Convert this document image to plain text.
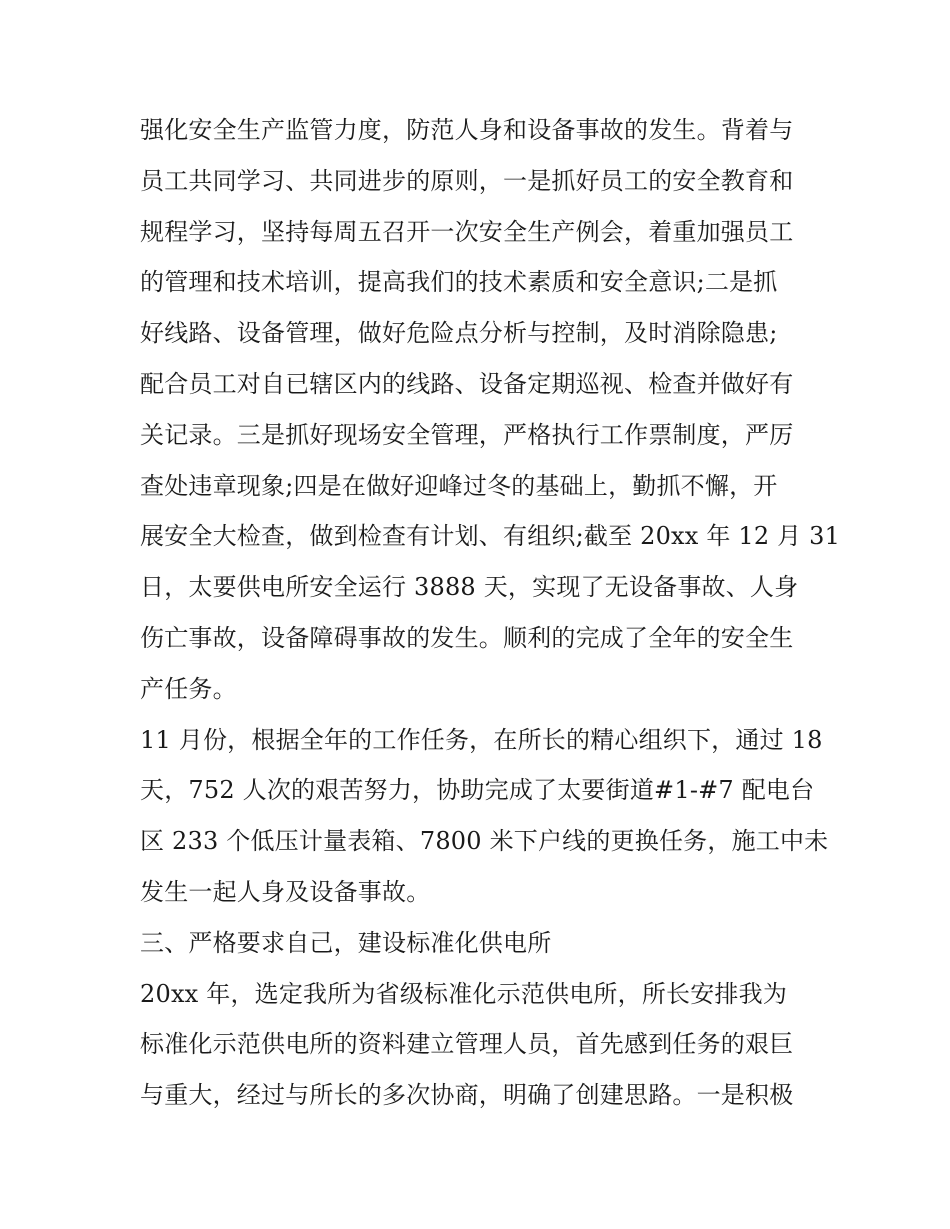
强化安全生产监管力度，防范人身和设备事故的发生。背着与
员工共同学习、共同进步的原则，一是抓好员工的安全教育和
规程学习，坚持每周五召开一次安全生产例会，着重加强员工
的管理和技术培训，提高我们的技术素质和安全意识;二是抓
好线路、设备管理，做好危险点分析与控制，及时消除隐患;
配合员工对自已辖区内的线路、设备定期巡视、检查并做好有
关记录。三是抓好现场安全管理，严格执行工作票制度，严厉
查处违章现象;四是在做好迎峰过冬的基础上，勤抓不懈，开
展安全大检查，做到检查有计划、有组织;截至 20xx 年 12 月 31
日，太要供电所安全运行 3888 天，实现了无设备事故、人身
伤亡事故，设备障碍事故的发生。顺利的完成了全年的安全生
产任务。
11 月份，根据全年的工作任务，在所长的精心组织下，通过 18
天，752 人次的艰苦努力，协助完成了太要街道#1-#7 配电台
区 233 个低压计量表箱、7800 米下户线的更换任务，施工中未
发生一起人身及设备事故。
三、严格要求自己，建设标准化供电所
20xx 年，选定我所为省级标准化示范供电所，所长安排我为
标准化示范供电所的资料建立管理人员，首先感到任务的艰巨
与重大，经过与所长的多次协商，明确了创建思路。一是积极
